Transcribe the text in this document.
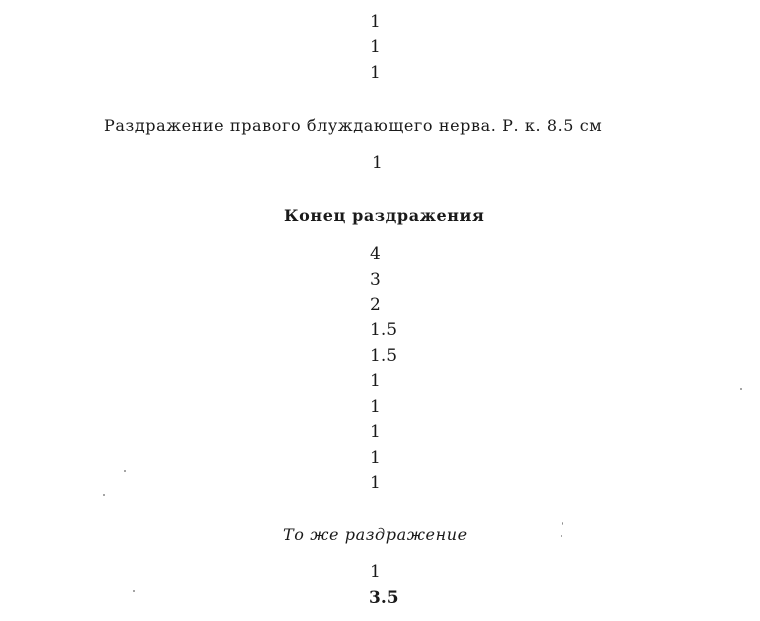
1
1
1
Раздражение правого блуждающего нерва. Р. к. 8.5 см
1
Конец раздражения
4
3
2
1.5
1.5
1
1
1
1
1
То же раздражение
1
3.5
